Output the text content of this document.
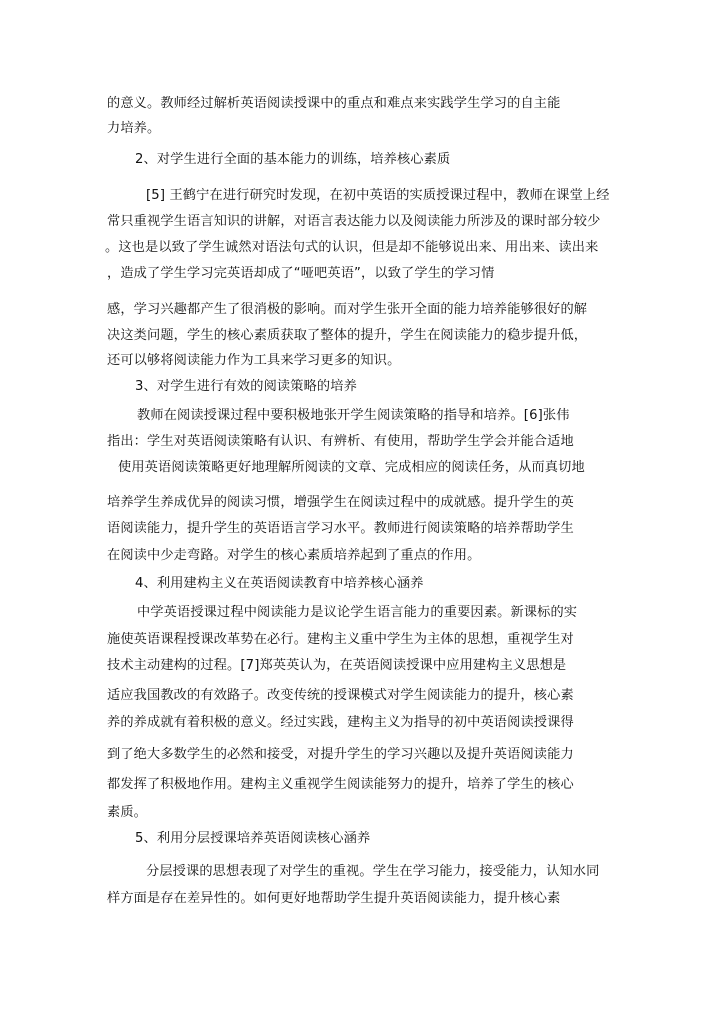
的意义。教师经过解析英语阅读授课中的重点和难点来实践学生学习的自主能
力培养。
2、对学生进行全面的基本能力的训练，培养核心素质
[5] 王鹤宁在进行研究时发现，在初中英语的实质授课过程中，教师在课堂上经
常只重视学生语言知识的讲解，对语言表达能力以及阅读能力所涉及的课时部分较少
。这也是以致了学生诚然对语法句式的认识，但是却不能够说出来、用出来、读出来
，造成了学生学习完英语却成了“哑吧英语”，以致了学生的学习情
感，学习兴趣都产生了很消极的影响。而对学生张开全面的能力培养能够很好的解
决这类问题，学生的核心素质获取了整体的提升，学生在阅读能力的稳步提升低，
还可以够将阅读能力作为工具来学习更多的知识。
3、对学生进行有效的阅读策略的培养
教师在阅读授课过程中要积极地张开学生阅读策略的指导和培养。[6]张伟
指出：学生对英语阅读策略有认识、有辨析、有使用，帮助学生学会并能合适地
使用英语阅读策略更好地理解所阅读的文章、完成相应的阅读任务，从而真切地
培养学生养成优异的阅读习惯，增强学生在阅读过程中的成就感。提升学生的英
语阅读能力，提升学生的英语语言学习水平。教师进行阅读策略的培养帮助学生
在阅读中少走弯路。对学生的核心素质培养起到了重点的作用。
4、利用建构主义在英语阅读教育中培养核心涵养
中学英语授课过程中阅读能力是议论学生语言能力的重要因素。新课标的实
施使英语课程授课改革势在必行。建构主义重中学生为主体的思想，重视学生对
技术主动建构的过程。[7]郑英英认为，在英语阅读授课中应用建构主义思想是
适应我国教改的有效路子。改变传统的授课模式对学生阅读能力的提升，核心素
养的养成就有着积极的意义。经过实践，建构主义为指导的初中英语阅读授课得
到了绝大多数学生的必然和接受，对提升学生的学习兴趣以及提升英语阅读能力
都发挥了积极地作用。建构主义重视学生阅读能努力的提升，培养了学生的核心
素质。
5、利用分层授课培养英语阅读核心涵养
分层授课的思想表现了对学生的重视。学生在学习能力，接受能力，认知水同
样方面是存在差异性的。如何更好地帮助学生提升英语阅读能力，提升核心素
